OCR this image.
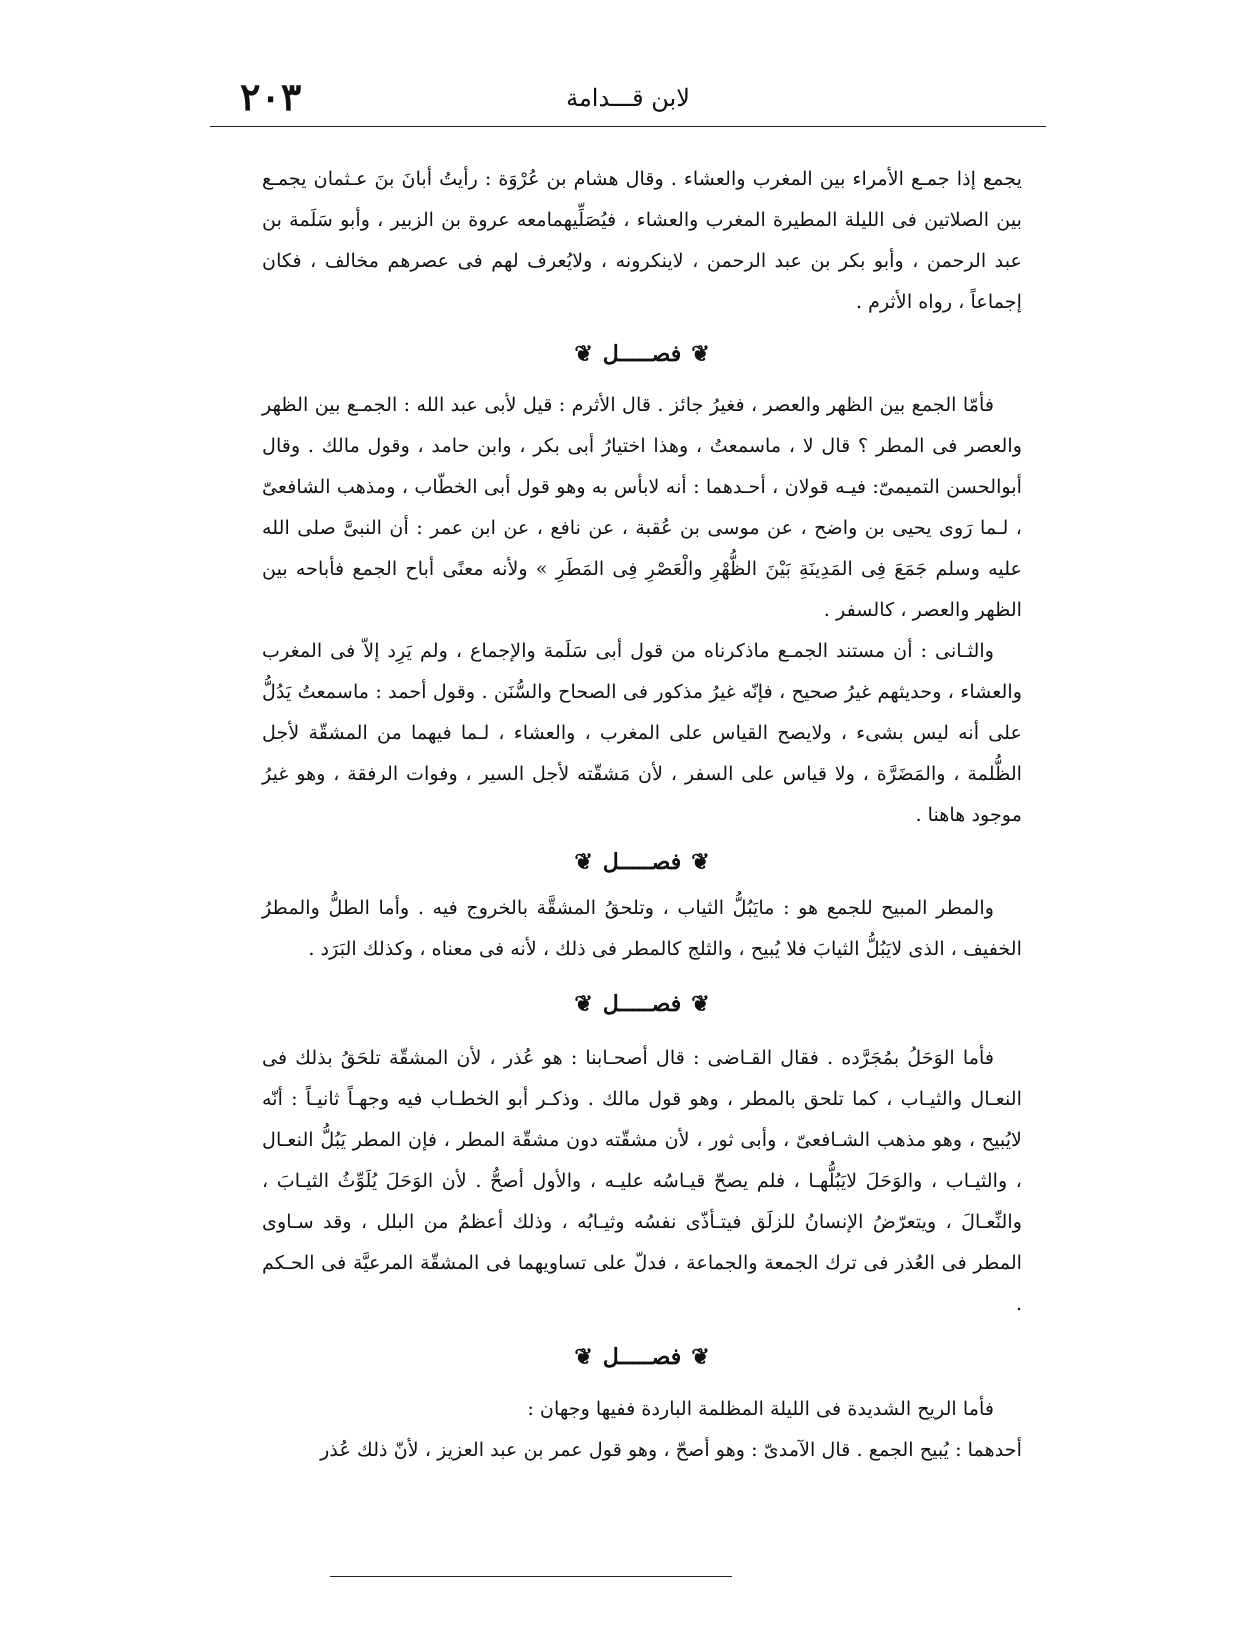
لابن قـــدامة
٢٠٣

يجمع إذا جمـع الأمراء بين المغرب والعشاء . وقال هشام بن عُرْوَة : رأيتُ أبانَ بنَ عـثمان يجمـع بين الصلاتين فى الليلة المطيرة المغرب والعشاء ، فيُصَلِّيهمامعه عروة بن الزبير ، وأبو سَلَمة بن عبد الرحمن ، وأبو بكر بن عبد الرحمن ، لاينكرونه ، ولايُعرف لهم فى عصرهم مخالف ، فكان إجماعاً ، رواه الأثرم .

❦فصـــــل❦

فأمّا الجمع بين الظهر والعصر ، فغيرُ جائز . قال الأثرم : قيل لأبى عبد الله : الجمـع بين الظهر والعصر فى المطر ؟ قال لا ، ماسمعتُ ، وهذا اختيارُ أبى بكر ، وابن حامد ، وقول مالك . وقال أبوالحسن التميمىّ: فيـه قولان ، أحـدهما : أنه لابأس به وهو قول أبى الخطّاب ، ومذهب الشافعىّ ، لـما رَوى يحيى بن واضح ، عن موسى بن عُقبة ، عن نافع ، عن ابن عمر : أن النبىَّ صلى الله عليه وسلم جَمَعَ فِى المَدِينَةِ بَيْنَ الظُّهْرِ والْعَصْرِ فِى المَطَرِ » ولأنه معنًى أباح الجمع فأباحه بين الظهر والعصر ، كالسفر .

والثـانى : أن مستند الجمـع ماذكرناه من قول أبى سَلَمة والإجماع ، ولم يَرِد إلاّ فى المغرب والعشاء ، وحديثهم غيرُ صحيح ، فإنّه غيرُ مذكور فى الصحاح والسُّنَن . وقول أحمد : ماسمعتُ يَدُلُّ على أنه ليس بشىء ، ولايصح القياس على المغرب ، والعشاء ، لـما فيهما من المشقّة لأجل الظُّلمة ، والمَضَرَّة ، ولا قياس على السفر ، لأن مَشقّته لأجل السير ، وفوات الرفقة ، وهو غيرُ موجود هاهنا .

❦فصـــــل❦

والمطر المبيح للجمع هو : مايَبُلُّ الثياب ، وتلحقُ المشقَّة بالخروج فيه . وأما الطلُّ والمطرُ الخفيف ، الذى لايَبُلُّ الثيابَ فلا يُبيح ، والثلج كالمطر فى ذلك ، لأنه فى معناه ، وكذلك البَرَد .

❦فصـــــل❦

فأما الوَحَلُ بمُجَرَّده . فقال القـاضى : قال أصحـابنا : هو عُذر ، لأن المشقّة تلحَقُ بذلك فى النعـال والثيـاب ، كما تلحق بالمطر ، وهو قول مالك . وذكـر أبو الخطـاب فيه وجهـاً ثانيـاً : أنّه لايُبيح ، وهو مذهب الشـافعىّ ، وأبى ثور ، لأن مشقّته دون مشقّة المطر ، فإن المطر يَبُلُّ النعـال ، والثيـاب ، والوَحَلَ لايَبُلُّهـا ، فلم يصحّ قيـاسُه عليـه ، والأول أصحُّ . لأن الوَحَلَ يُلَوِّثُ الثيـابَ ، والنِّعـالَ ، ويتعرّضُ الإنسانُ للزلَق فيتـأذّى نفسُه وثيـابُه ، وذلك أعظمُ من البلل ، وقد سـاوى المطر فى العُذر فى ترك الجمعة والجماعة ، فدلّ على تساويهما فى المشقّة المرعيَّة فى الحـكم .

❦فصـــــل❦

فأما الريح الشديدة فى الليلة المظلمة الباردة ففيها وجهان :

أحدهما : يُبيح الجمع . قال الآمدىّ : وهو أصحّ ، وهو قول عمر بن عبد العزيز ، لأنّ ذلك عُذر
